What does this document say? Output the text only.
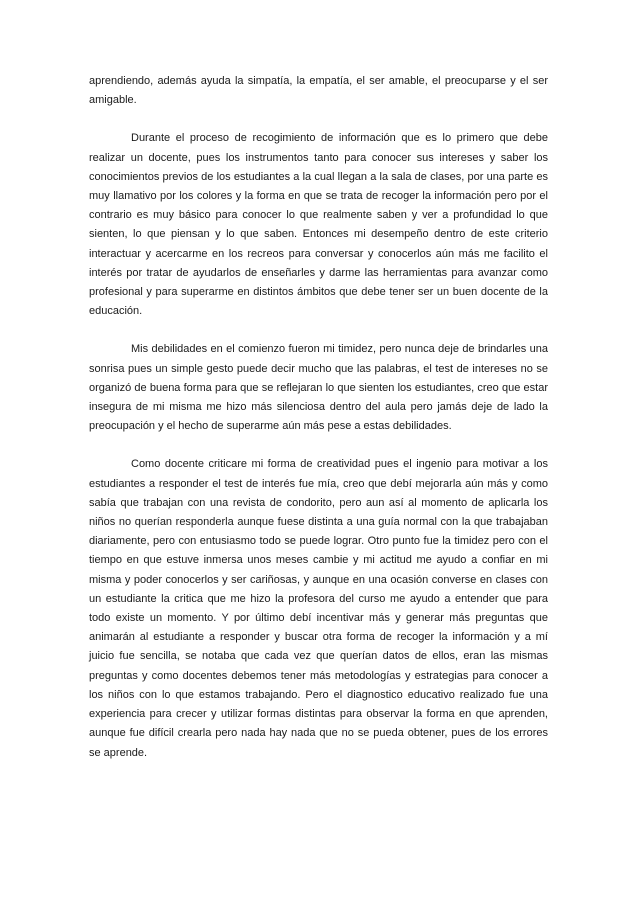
aprendiendo, además ayuda la simpatía, la empatía, el ser amable, el preocuparse y el ser amigable.

Durante el proceso de recogimiento de información que es lo primero que debe realizar un docente, pues los instrumentos tanto para conocer sus intereses y saber los conocimientos previos de los estudiantes a la cual llegan a la sala de clases, por una parte es muy llamativo por los colores y la forma en que se trata de recoger la información pero por el contrario es muy básico para conocer lo que realmente saben y ver a profundidad lo que sienten, lo que piensan y lo que saben. Entonces mi desempeño dentro de este criterio interactuar y acercarme en los recreos para conversar y conocerlos aún más me facilito el interés por tratar de ayudarlos de enseñarles y darme las herramientas para avanzar como profesional y para superarme en distintos ámbitos que debe tener ser un buen docente de la educación.

Mis debilidades en el comienzo fueron mi timidez, pero nunca deje de brindarles una sonrisa pues un simple gesto puede decir mucho que las palabras, el test de intereses no se organizó de buena forma para que se reflejaran lo que sienten los estudiantes, creo que estar insegura de mi misma me hizo más silenciosa dentro del aula pero jamás deje de lado la preocupación y el hecho de superarme aún más pese a estas debilidades.

Como docente criticare mi forma de creatividad pues el ingenio para motivar a los estudiantes a responder el test de interés fue mía, creo que debí mejorarla aún más y como sabía que trabajan con una revista de condorito, pero aun así al momento de aplicarla los niños no querían responderla aunque fuese distinta a una guía normal con la que trabajaban diariamente, pero con entusiasmo todo se puede lograr. Otro punto fue la timidez pero con el tiempo en que estuve inmersa unos meses cambie y mi actitud me ayudo a confiar en mi misma y poder conocerlos y ser cariñosas, y aunque en una ocasión converse en clases con un estudiante la critica que me hizo la profesora del curso me ayudo a entender que para todo existe un momento. Y por último debí incentivar más y generar más preguntas que animarán al estudiante a responder y buscar otra forma de recoger la información y a mí juicio fue sencilla, se notaba que cada vez que querían datos de ellos, eran las mismas preguntas y como docentes debemos tener más metodologías y estrategias para conocer a los niños con lo que estamos trabajando. Pero el diagnostico educativo realizado fue una experiencia para crecer y utilizar formas distintas para observar la forma en que aprenden, aunque fue difícil crearla pero nada hay nada que no se pueda obtener, pues de los errores se aprende.
